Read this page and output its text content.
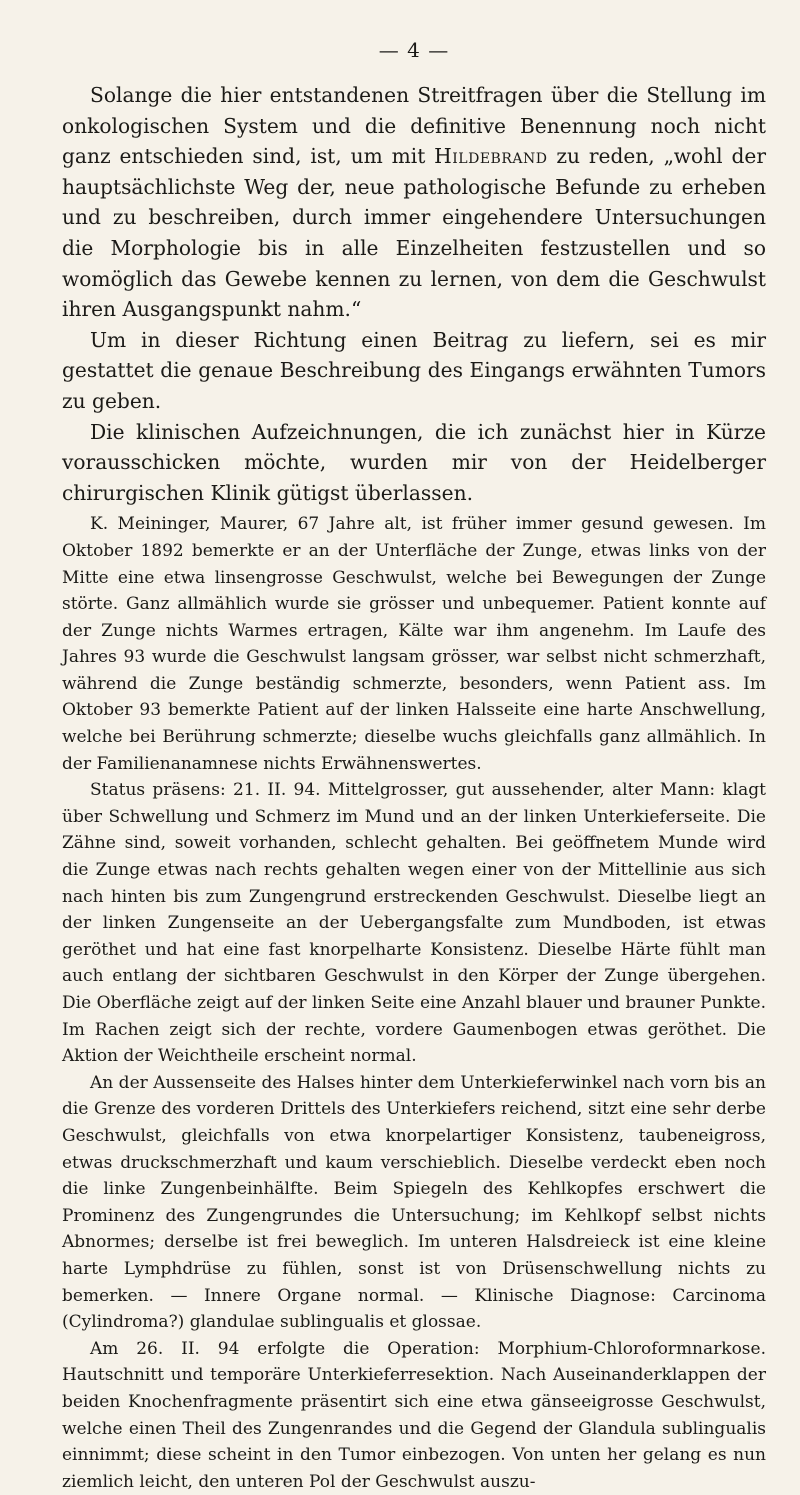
— 4 —

Solange die hier entstandenen Streitfragen über die Stellung im onkologischen System und die definitive Benennung noch nicht ganz entschieden sind, ist, um mit Hildebrand zu reden, „wohl der hauptsächlichste Weg der, neue pathologische Befunde zu erheben und zu beschreiben, durch immer eingehendere Untersuchungen die Morphologie bis in alle Einzelheiten festzustellen und so womöglich das Gewebe kennen zu lernen, von dem die Geschwulst ihren Ausgangspunkt nahm.“

Um in dieser Richtung einen Beitrag zu liefern, sei es mir gestattet die genaue Beschreibung des Eingangs erwähnten Tumors zu geben.

Die klinischen Aufzeichnungen, die ich zunächst hier in Kürze vorausschicken möchte, wurden mir von der Heidelberger chirurgischen Klinik gütigst überlassen.

K. Meininger, Maurer, 67 Jahre alt, ist früher immer gesund gewesen. Im Oktober 1892 bemerkte er an der Unterfläche der Zunge, etwas links von der Mitte eine etwa linsengrosse Geschwulst, welche bei Bewegungen der Zunge störte. Ganz allmählich wurde sie grösser und unbequemer. Patient konnte auf der Zunge nichts Warmes ertragen, Kälte war ihm angenehm. Im Laufe des Jahres 93 wurde die Geschwulst langsam grösser, war selbst nicht schmerzhaft, während die Zunge beständig schmerzte, besonders, wenn Patient ass. Im Oktober 93 bemerkte Patient auf der linken Halsseite eine harte Anschwellung, welche bei Berührung schmerzte; dieselbe wuchs gleichfalls ganz allmählich. In der Familienanamnese nichts Erwähnenswertes.

Status präsens: 21. II. 94. Mittelgrosser, gut aussehender, alter Mann: klagt über Schwellung und Schmerz im Mund und an der linken Unterkieferseite. Die Zähne sind, soweit vorhanden, schlecht gehalten. Bei geöffnetem Munde wird die Zunge etwas nach rechts gehalten wegen einer von der Mittellinie aus sich nach hinten bis zum Zungengrund erstreckenden Geschwulst. Dieselbe liegt an der linken Zungenseite an der Uebergangsfalte zum Mundboden, ist etwas geröthet und hat eine fast knorpelharte Konsistenz. Dieselbe Härte fühlt man auch entlang der sichtbaren Geschwulst in den Körper der Zunge übergehen. Die Oberfläche zeigt auf der linken Seite eine Anzahl blauer und brauner Punkte. Im Rachen zeigt sich der rechte, vordere Gaumenbogen etwas geröthet. Die Aktion der Weichtheile erscheint normal.

An der Aussenseite des Halses hinter dem Unterkieferwinkel nach vorn bis an die Grenze des vorderen Drittels des Unterkiefers reichend, sitzt eine sehr derbe Geschwulst, gleichfalls von etwa knorpelartiger Konsistenz, taubeneigross, etwas druckschmerzhaft und kaum verschieblich. Dieselbe verdeckt eben noch die linke Zungenbeinhälfte. Beim Spiegeln des Kehlkopfes erschwert die Prominenz des Zungengrundes die Untersuchung; im Kehlkopf selbst nichts Abnormes; derselbe ist frei beweglich. Im unteren Halsdreieck ist eine kleine harte Lymphdrüse zu fühlen, sonst ist von Drüsenschwellung nichts zu bemerken. — Innere Organe normal. — Klinische Diagnose: Carcinoma (Cylindroma?) glandulae sublingualis et glossae.

Am 26. II. 94 erfolgte die Operation: Morphium-Chloroformnarkose. Hautschnitt und temporäre Unterkieferresektion. Nach Auseinanderklappen der beiden Knochenfragmente präsentirt sich eine etwa gänseeigrosse Geschwulst, welche einen Theil des Zungenrandes und die Gegend der Glandula sublingualis einnimmt; diese scheint in den Tumor einbezogen. Von unten her gelang es nun ziemlich leicht, den unteren Pol der Geschwulst auszu-
